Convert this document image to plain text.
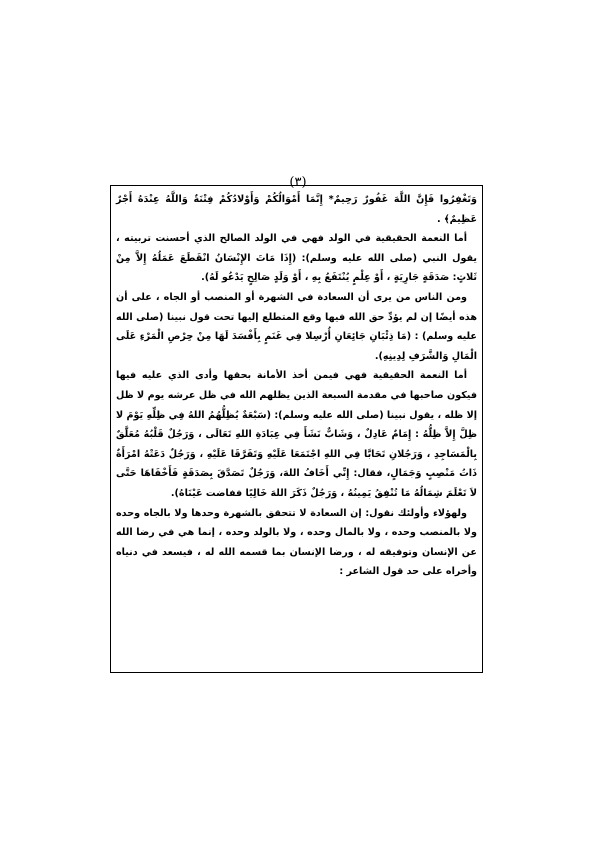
(٣)

وَتَغْفِرُوا فَإِنَّ اللَّهَ غَفُورٌ رَحِيمٌ* إِنَّمَا أَمْوَالُكُمْ وَأَوْلادُكُمْ فِتْنَةٌ وَاللَّهُ عِنْدَهُ أَجْرٌ عَظِيمٌ﴾ .

أما النعمة الحقيقية في الولد فهي في الولد الصالح الذي أحسنت تربيته ، يقول النبي (صلى الله عليه وسلم): (إِذَا مَاتَ الإِنْسَانُ انْقَطَعَ عَمَلُهُ إِلاَّ مِنْ ثَلاثٍ: صَدَقَةٍ جَارِيَةٍ ، أَوْ عِلْمٍ يُنْتَفَعُ بِهِ ، أَوْ وَلَدٍ صَالِحٍ يَدْعُو لَهُ).

ومن الناس من يرى أن السعادة في الشهرة أو المنصب أو الجاه ، على أن هذه أيضًا إن لم يؤدِّ حق الله فيها وقع المتطلع إليها تحت قول نبينا (صلى الله عليه وسلم) : (مَا ذِئْبَانِ جَائِعَانِ أُرْسِلا فِي غَنَمٍ بِأَفْسَدَ لَهَا مِنْ حِرْصِ الْمَرْءِ عَلَى الْمَالِ وَالشَّرَفِ لِدِينِهِ).

أما النعمة الحقيقية فهي فيمن أخذ الأمانة بحقها وأدى الذي عليه فيها فيكون صاحبها في مقدمة السبعة الذين يظلهم الله في ظل عرشه يوم لا ظل إلا ظله ، يقول نبينا (صلى الله عليه وسلم): (سَبْعَةٌ يُظِلُّهُمُ اللهُ فِي ظِلِّهِ يَوْمَ لا ظِلَّ إِلاَّ ظِلُّهُ : إِمَامٌ عَادِلٌ ، وَشَابٌّ نَشَأَ فِي عِبَادَةِ اللهِ تَعَالَى ، وَرَجُلٌ قَلْبُهُ مُعَلَّقٌ بِالْمَسَاجِدِ ، وَرَجُلانِ تَحَابَّا فِي اللهِ اجْتَمَعَا عَلَيْهِ وَتَفَرَّقَا عَلَيْهِ ، وَرَجُلٌ دَعَتْهُ امْرَأَةٌ ذَاتُ مَنْصِبٍ وَجَمَالٍ، فقال: إِنِّي أَخَافُ اللهَ، وَرَجُلٌ تَصَدَّقَ بِصَدَقَةٍ فَأَخْفَاهَا حَتَّى لاَ تَعْلَمَ شِمَالُهُ مَا تُنْفِقُ يَمِينُهُ ، وَرَجُلٌ ذَكَرَ اللهَ خَالِيًا ففاضت عَيْنَاهُ).

ولهؤلاء وأولئك نقول: إن السعادة لا تتحقق بالشهرة وحدها ولا بالجاه وحده ولا بالمنصب وحده ، ولا بالمال وحده ، ولا بالولد وحده ، إنما هي في رضا الله عن الإنسان وتوفيقه له ، ورضا الإنسان بما قسمه الله له ، فيسعد في دنياه وأخراه على حد قول الشاعر :
